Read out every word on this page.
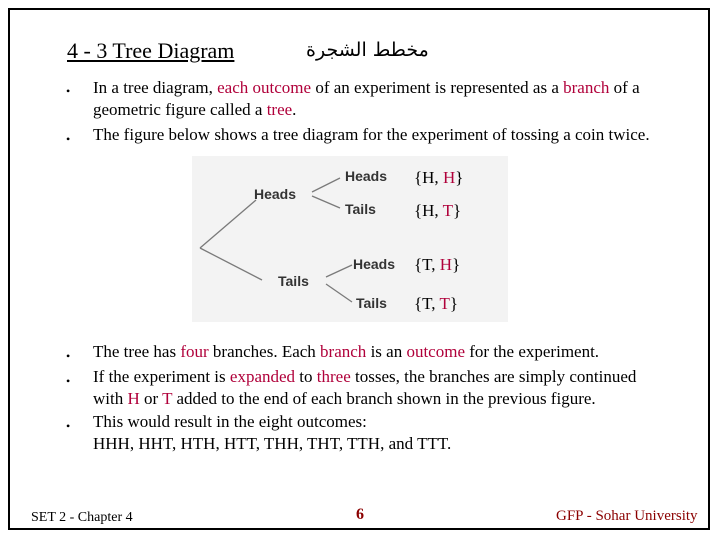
4 - 3 Tree Diagram	مخطط الشجرة
• In a tree diagram, each outcome of an experiment is represented as a branch of a
geometric figure called a tree.
• The figure below shows a tree diagram for the experiment of tossing a coin twice.
Heads
Tails
Heads
Tails
Heads
Tails
{H, H}
{H, T}
{T, H}
{T, T}
• The tree has four branches. Each branch is an outcome for the experiment.
• If the experiment is expanded to three tosses, the branches are simply continued
with H or T added to the end of each branch shown in the previous figure.
• This would result in the eight outcomes:
HHH, HHT, HTH, HTT, THH, THT, TTH, and TTT.
SET 2 - Chapter 4	6	GFP - Sohar University
